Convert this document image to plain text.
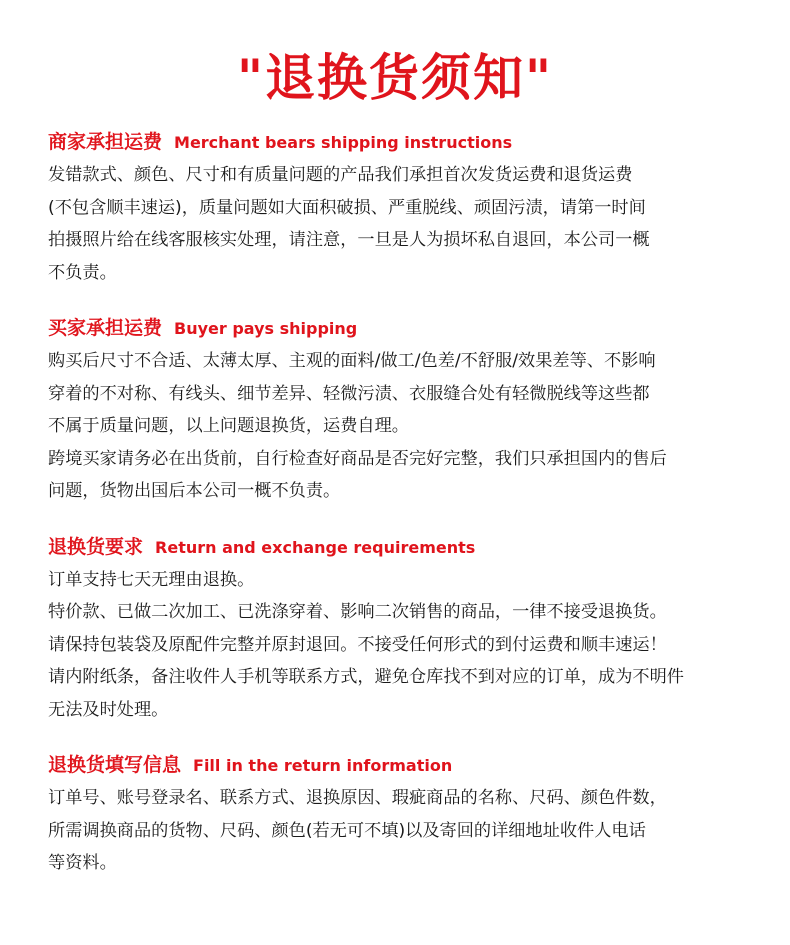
"退换货须知"
商家承担运费 Merchant bears shipping instructions
发错款式、颜色、尺寸和有质量问题的产品我们承担首次发货运费和退货运费
(不包含顺丰速运)，质量问题如大面积破损、严重脱线、顽固污渍，请第一时间
拍摄照片给在线客服核实处理，请注意，一旦是人为损坏私自退回，本公司一概
不负责。
买家承担运费 Buyer pays shipping
购买后尺寸不合适、太薄太厚、主观的面料/做工/色差/不舒服/效果差等、不影响
穿着的不对称、有线头、细节差异、轻微污渍、衣服缝合处有轻微脱线等这些都
不属于质量问题，以上问题退换货，运费自理。
跨境买家请务必在出货前，自行检查好商品是否完好完整，我们只承担国内的售后
问题，货物出国后本公司一概不负责。
退换货要求 Return and exchange requirements
订单支持七天无理由退换。
特价款、已做二次加工、已洗涤穿着、影响二次销售的商品，一律不接受退换货。
请保持包装袋及原配件完整并原封退回。不接受任何形式的到付运费和顺丰速运！
请内附纸条，备注收件人手机等联系方式，避免仓库找不到对应的订单，成为不明件
无法及时处理。
退换货填写信息 Fill in the return information
订单号、账号登录名、联系方式、退换原因、瑕疵商品的名称、尺码、颜色件数，
所需调换商品的货物、尺码、颜色(若无可不填)以及寄回的详细地址收件人电话
等资料。
